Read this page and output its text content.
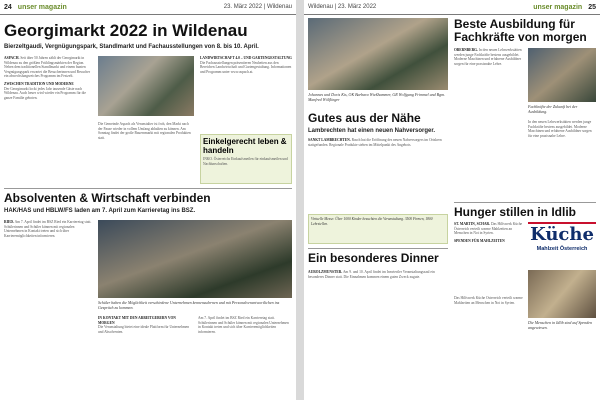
24 unser magazin	23. März 2022 | Wildenau
Georgimarkt 2022 in Wildenau
Bierzeltgaudi, Vergnügungspark, Standlmarkt und Fachausstellungen von 8. bis 10. April.
ASPACH. Seit über 50 Jahren zählt der Georgimarkt in Wildenau zu den größten Frühlingsmärkten der Region. Neben dem traditionellen Standlmarkt und einem bunten Vergnügungspark erwartet die Besucherinnen und Besucher ein abwechslungsreiches Programm im Festzelt.
ZWISCHEN TRADITION UND MODERNE
Der Georgimarkt lockt jedes Jahr tausende Gäste nach Wildenau. Auch heuer wird wieder ein Programm für die ganze Familie geboten.
Die Gemeinde Aspach als Veranstalter ist froh, den Markt nach der Pause wieder in vollem Umfang abhalten zu können. Am Sonntag findet der große Bauernmarkt mit regionalen Produkten statt.
LANDWIRTSCHAFT 4.0 – UND GARTENGESTALTUNG
Die Fachausstellungen präsentieren Neuheiten aus den Bereichen Landwirtschaft und Gartengestaltung. Informationen und Programm unter www.aspach.at.
Einkelgerecht leben & handeln
INKO. Österreichs Einkaufsmeilen für einkaufsmeilen und Nachbarschaften.
Absolventen & Wirtschaft verbinden
HAK/HAS und HBLW/FS laden am 7. April zum Karrieretag ins BSZ.
RIED. Am 7. April findet im BSZ Ried ein Karrieretag statt. Schülerinnen und Schüler können mit regionalen Unternehmen in Kontakt treten und sich über Karrieremöglichkeiten informieren.
Schüler haben die Möglichkeit verschiedene Unternehmen kennenzulernen und mit Personalverantwortlichen ins Gespräch zu kommen.
IN KONTAKT MIT DEN ARBEITGEBERN VON MORGEN
Die Veranstaltung bietet eine ideale Plattform für Unternehmen und Absolventen.
Am 7. April findet im BSZ Ried ein Karrieretag statt. Schülerinnen und Schüler können mit regionalen Unternehmen in Kontakt treten und sich über Karrieremöglichkeiten informieren.
Wildenau | 23. März 2022	unser magazin 25
Johannes und Doris Kis, OK Barbara Wießhammer, GR Wolfgang Frimmel und Bgm. Manfred Wölflinger
Gutes aus der Nähe
Lambrechten hat einen neuen Nahversorger.
SANKT LAMBRECHTEN. Rasch hat die Eröffnung des neuen Nahversorgers im Ortskern stattgefunden. Regionale Produkte stehen im Mittelpunkt des Angebots.
Virtuelle Messe: Über 1000 Kinder besuchten die Veranstaltung. 3500 Firmen, 1800 Lehrstellen.
Ein besonderes Dinner
AUROLZMÜNSTER. Am 9. und 10. April findet im Innviertler Veranstaltungssaal ein besonderes Dinner statt. Die Einnahmen kommen einem guten Zweck zugute.
Beste Ausbildung für Fachkräfte von morgen
OBERNBERG. In den neuen Lehrwerkstätten werden junge Fachkräfte bestens ausgebildet. Moderne Maschinen und erfahrene Ausbildner sorgen für eine praxisnahe Lehre.
Fachkräfte der Zukunft bei der Ausbildung.
In den neuen Lehrwerkstätten werden junge Fachkräfte bestens ausgebildet. Moderne Maschinen und erfahrene Ausbildner sorgen für eine praxisnahe Lehre.
Hunger stillen in Idlib
ST. MARTIN, SCHÄR. Das Hilfswerk Küche Österreich verteilt warme Mahlzeiten an Menschen in Not in Syrien.
SPENDEN FÜR MAHLZEITEN	Küche
Mahlzeit Österreich
Die Menschen in Idlib sind auf Spenden angewiesen.
Das Hilfswerk Küche Österreich verteilt warme Mahlzeiten an Menschen in Not in Syrien.
